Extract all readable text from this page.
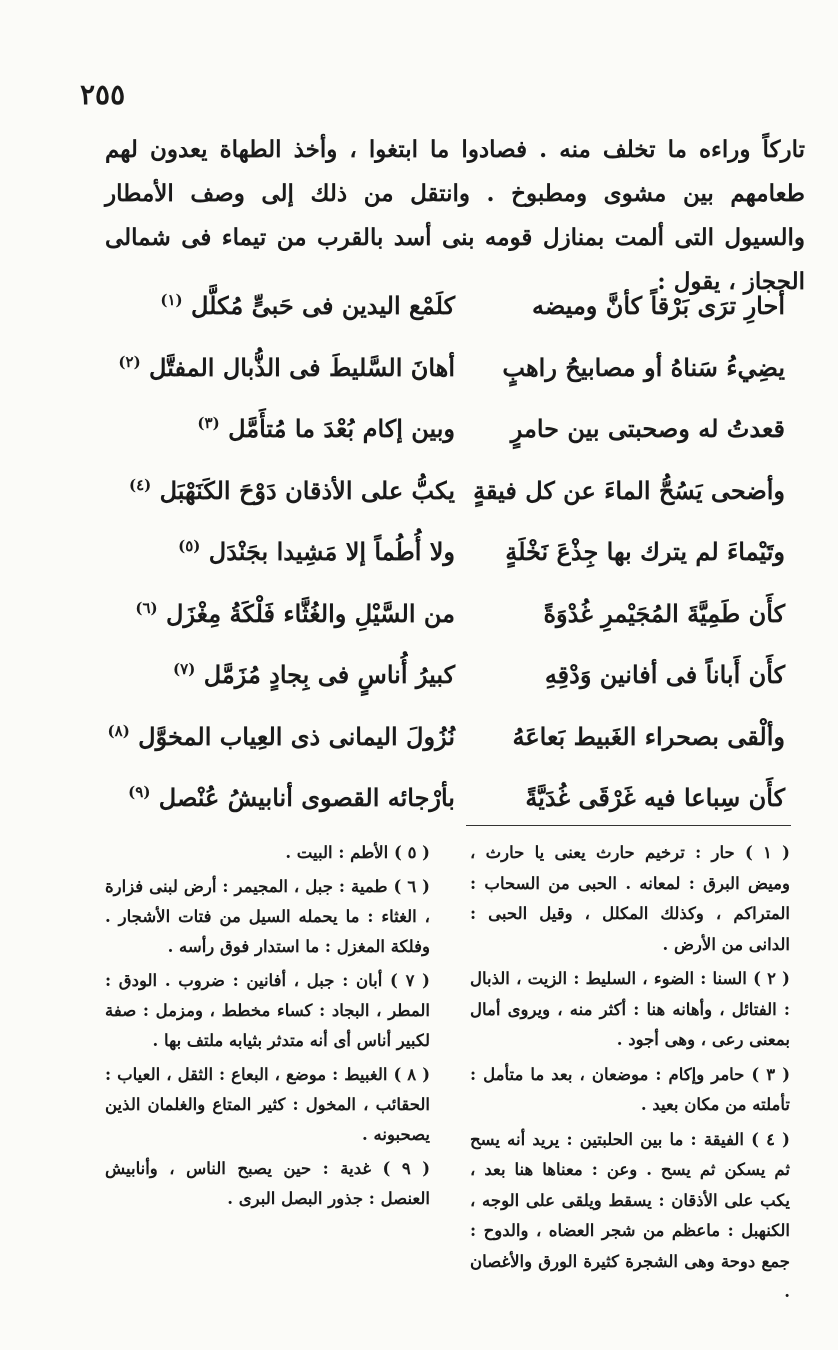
٢٥٥

تاركاً وراءه ما تخلف منه . فصادوا ما ابتغوا ، وأخذ الطهاة يعدون لهم طعامهم بين مشوى ومطبوخ . وانتقل من ذلك إلى وصف الأمطار والسيول التى ألمت بمنازل قومه بنى أسد بالقرب من تيماء فى شمالى الحجاز ، يقول :

أحارِ ترَى بَرْقاً كأنَّ وميضه
كلَمْع اليدين فى حَبىٍّ مُكلَّل $^{(١)}$
يضِيءُ سَناهُ أو مصابيحُ راهبٍ
أهانَ السَّليطَ فى الذُّبال المفتَّل $^{(٢)}$
قعدتُ له وصحبتى بين حامرٍ
وبين إكام بُعْدَ ما مُتأَمَّل $^{(٣)}$
وأضحى يَسُحُّ الماءَ عن كل فيقةٍ
يكبُّ على الأذقان دَوْحَ الكَنَهْبَل $^{(٤)}$
وتَيْماءَ لم يترك بها جِذْعَ نَخْلَةٍ
ولا أُطُماً إلا مَشِيدا بجَنْدَل $^{(٥)}$
كأَن طَمِيَّةَ المُجَيْمرِ غُدْوَةً
من السَّيْلِ والغُثَّاء فَلْكَةُ مِغْزَل $^{(٦)}$
كأَن أَباناً فى أفانين وَدْقِهِ
كبيرُ أُناسٍ فى بِجادٍ مُزَمَّل $^{(٧)}$
وألْقى بصحراء الغَبيط بَعاعَهُ
نُزُولَ اليمانى ذى العِياب المخوَّل $^{(٨)}$
كأَن سِباعا فيه غَرْقَى غُدَيَّةً
بأرْجائه القصوى أنابيشُ عُنْصل $^{(٩)}$

( ١ ) حار : ترخيم حارث يعنى يا حارث ، وميض البرق : لمعانه . الحبى من السحاب : المتراكم ، وكذلك المكلل ، وقيل الحبى : الدانى من الأرض .

( ٢ ) السنا : الضوء ، السليط : الزيت ، الذبال : الفتائل ، وأهانه هنا : أكثر منه ، ويروى أمال بمعنى رعى ، وهى أجود .

( ٣ ) حامر وإكام : موضعان ، بعد ما متأمل : تأملته من مكان بعيد .

( ٤ ) الفيقة : ما بين الحلبتين : يريد أنه يسح ثم يسكن ثم يسح . وعن : معناها هنا بعد ، يكب على الأذقان : يسقط ويلقى على الوجه ، الكنهبل : ماعظم من شجر العضاه ، والدوح : جمع دوحة وهى الشجرة كثيرة الورق والأغصان .

( ٥ ) الأطم : البيت .

( ٦ ) طمية : جبل ، المجيمر : أرض لبنى فزارة ، الغثاء : ما يحمله السيل من فتات الأشجار . وفلكة المغزل : ما استدار فوق رأسه .

( ٧ ) أبان : جبل ، أفانين : ضروب . الودق : المطر ، البجاد : كساء مخطط ، ومزمل : صفة لكبير أناس أى أنه متدثر بثيابه ملتف بها .

( ٨ ) الغبيط : موضع ، البعاع : الثقل ، العياب : الحقائب ، المخول : كثير المتاع والغلمان الذين يصحبونه .

( ٩ ) غدية : حين يصبح الناس ، وأنابيش العنصل : جذور البصل البرى .
